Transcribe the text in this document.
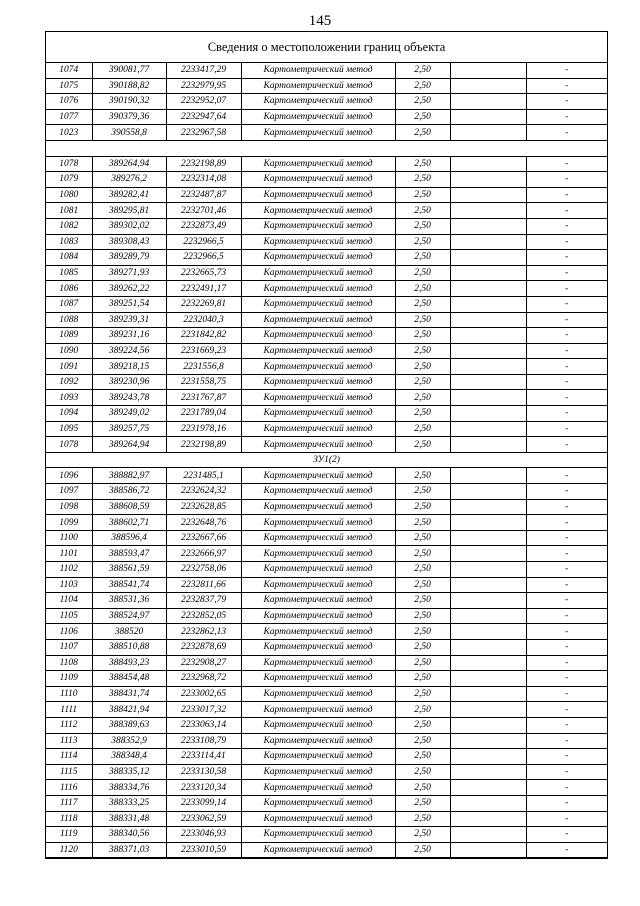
145
Сведения о местоположении границ объекта
1074	390081,77	2233417,29	Картометрический метод	2,50		-
1075	390188,82	2232979,95	Картометрический метод	2,50		-
1076	390190,32	2232952,07	Картометрический метод	2,50		-
1077	390379,36	2232947,64	Картометрический метод	2,50		-
1023	390558,8	2232967,58	Картометрический метод	2,50		-

1078	389264,94	2232198,89	Картометрический метод	2,50		-
1079	389276,2	2232314,08	Картометрический метод	2,50		-
1080	389282,41	2232487,87	Картометрический метод	2,50		-
1081	389295,81	2232701,46	Картометрический метод	2,50		-
1082	389302,02	2232873,49	Картометрический метод	2,50		-
1083	389308,43	2232966,5	Картометрический метод	2,50		-
1084	389289,79	2232966,5	Картометрический метод	2,50		-
1085	389271,93	2232665,73	Картометрический метод	2,50		-
1086	389262,22	2232491,17	Картометрический метод	2,50		-
1087	389251,54	2232269,81	Картометрический метод	2,50		-
1088	389239,31	2232040,3	Картометрический метод	2,50		-
1089	389231,16	2231842,82	Картометрический метод	2,50		-
1090	389224,56	2231669,23	Картометрический метод	2,50		-
1091	389218,15	2231556,8	Картометрический метод	2,50		-
1092	389230,96	2231558,75	Картометрический метод	2,50		-
1093	389243,78	2231767,87	Картометрический метод	2,50		-
1094	389249,02	2231789,04	Картометрический метод	2,50		-
1095	389257,75	2231978,16	Картометрический метод	2,50		-
1078	389264,94	2232198,89	Картометрический метод	2,50		-
ЗУ1(2)						
1096	388882,97	2231485,1	Картометрический метод	2,50		-
1097	388586,72	2232624,32	Картометрический метод	2,50		-
1098	388608,59	2232628,85	Картометрический метод	2,50		-
1099	388602,71	2232648,76	Картометрический метод	2,50		-
1100	388596,4	2232667,66	Картометрический метод	2,50		-
1101	388593,47	2232666,97	Картометрический метод	2,50		-
1102	388561,59	2232758,06	Картометрический метод	2,50		-
1103	388541,74	2232811,66	Картометрический метод	2,50		-
1104	388531,36	2232837,79	Картометрический метод	2,50		-
1105	388524,97	2232852,05	Картометрический метод	2,50		-
1106	388520	2232862,13	Картометрический метод	2,50		-
1107	388510,88	2232878,69	Картометрический метод	2,50		-
1108	388493,23	2232908,27	Картометрический метод	2,50		-
1109	388454,48	2232968,72	Картометрический метод	2,50		-
1110	388431,74	2233002,65	Картометрический метод	2,50		-
1111	388421,94	2233017,32	Картометрический метод	2,50		-
1112	388389,63	2233063,14	Картометрический метод	2,50		-
1113	388352,9	2233108,79	Картометрический метод	2,50		-
1114	388348,4	2233114,41	Картометрический метод	2,50		-
1115	388335,12	2233130,58	Картометрический метод	2,50		-
1116	388334,76	2233120,34	Картометрический метод	2,50		-
1117	388333,25	2233099,14	Картометрический метод	2,50		-
1118	388331,48	2233062,59	Картометрический метод	2,50		-
1119	388340,56	2233046,93	Картометрический метод	2,50		-
1120	388371,03	2233010,59	Картометрический метод	2,50		-
